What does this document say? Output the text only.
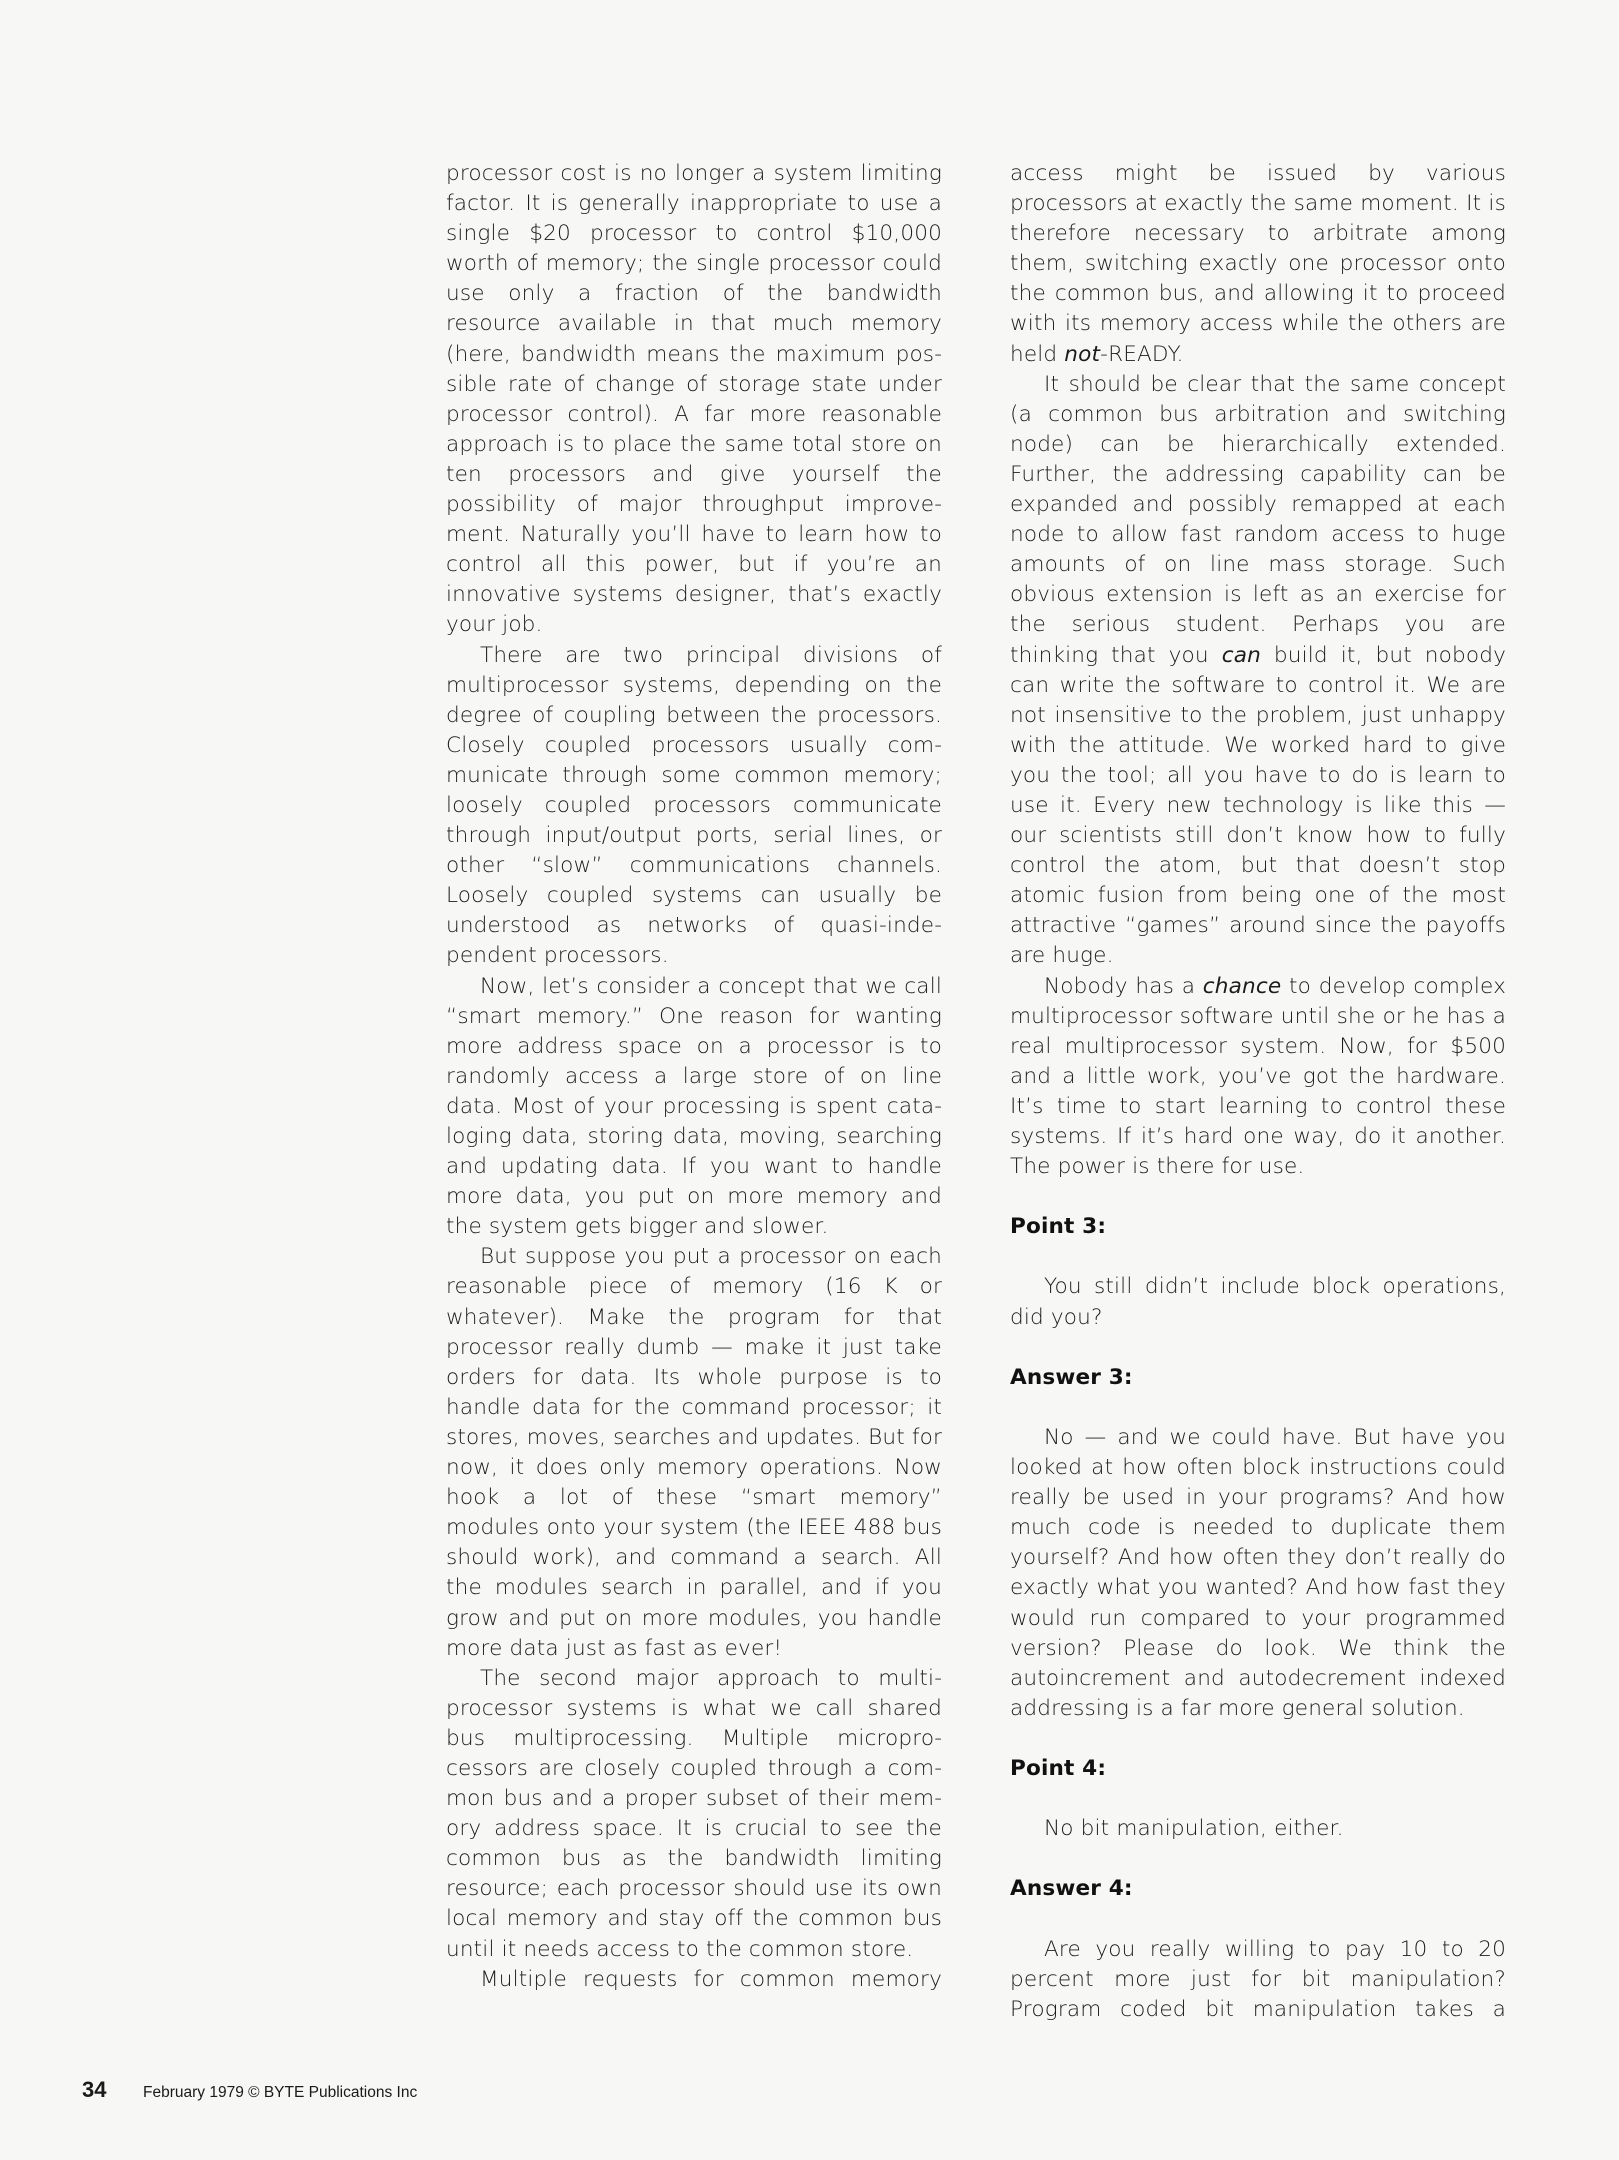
processor cost is no longer a system limiting factor. It is generally inappropriate to use a single $20 processor to control $10,000 worth of memory; the single processor could use only a fraction of the bandwidth resource available in that much memory (here, bandwidth means the maximum possible rate of change of storage state under processor control). A far more reasonable approach is to place the same total store on ten processors and give yourself the possibility of major throughput improvement. Naturally you’ll have to learn how to control all this power, but if you’re an innovative systems designer, that’s exactly your job.

There are two principal divisions of multiprocessor systems, depending on the degree of coupling between the processors. Closely coupled processors usually communicate through some common memory; loosely coupled processors communicate through input/output ports, serial lines, or other “slow” communications channels. Loosely coupled systems can usually be understood as networks of quasi-independent processors.

Now, let’s consider a concept that we call “smart memory.” One reason for wanting more address space on a processor is to randomly access a large store of on line data. Most of your processing is spent cataloging data, storing data, moving, searching and updating data. If you want to handle more data, you put on more memory and the system gets bigger and slower.

But suppose you put a processor on each reasonable piece of memory (16 K or whatever). Make the program for that processor really dumb — make it just take orders for data. Its whole purpose is to handle data for the command processor; it stores, moves, searches and updates. But for now, it does only memory operations. Now hook a lot of these “smart memory” modules onto your system (the IEEE 488 bus should work), and command a search. All the modules search in parallel, and if you grow and put on more modules, you handle more data just as fast as ever!

The second major approach to multiprocessor systems is what we call shared bus multiprocessing. Multiple microprocessors are closely coupled through a common bus and a proper subset of their memory address space. It is crucial to see the common bus as the bandwidth limiting resource; each processor should use its own local memory and stay off the common bus until it needs access to the common store.

Multiple requests for common memory

access might be issued by various processors at exactly the same moment. It is therefore necessary to arbitrate among them, switching exactly one processor onto the common bus, and allowing it to proceed with its memory access while the others are held not-READY.

It should be clear that the same concept (a common bus arbitration and switching node) can be hierarchically extended. Further, the addressing capability can be expanded and possibly remapped at each node to allow fast random access to huge amounts of on line mass storage. Such obvious extension is left as an exercise for the serious student. Perhaps you are thinking that you can build it, but nobody can write the software to control it. We are not insensitive to the problem, just unhappy with the attitude. We worked hard to give you the tool; all you have to do is learn to use it. Every new technology is like this — our scientists still don’t know how to fully control the atom, but that doesn’t stop atomic fusion from being one of the most attractive “games” around since the payoffs are huge.

Nobody has a chance to develop complex multiprocessor software until she or he has a real multiprocessor system. Now, for $500 and a little work, you’ve got the hardware. It’s time to start learning to control these systems. If it’s hard one way, do it another. The power is there for use.

Point 3:

You still didn’t include block operations, did you?

Answer 3:

No — and we could have. But have you looked at how often block instructions could really be used in your programs? And how much code is needed to duplicate them yourself? And how often they don’t really do exactly what you wanted? And how fast they would run compared to your programmed version? Please do look. We think the autoincrement and autodecrement indexed addressing is a far more general solution.

Point 4:

No bit manipulation, either.

Answer 4:

Are you really willing to pay 10 to 20 percent more just for bit manipulation? Program coded bit manipulation takes a

34	February 1979 © BYTE Publications Inc
